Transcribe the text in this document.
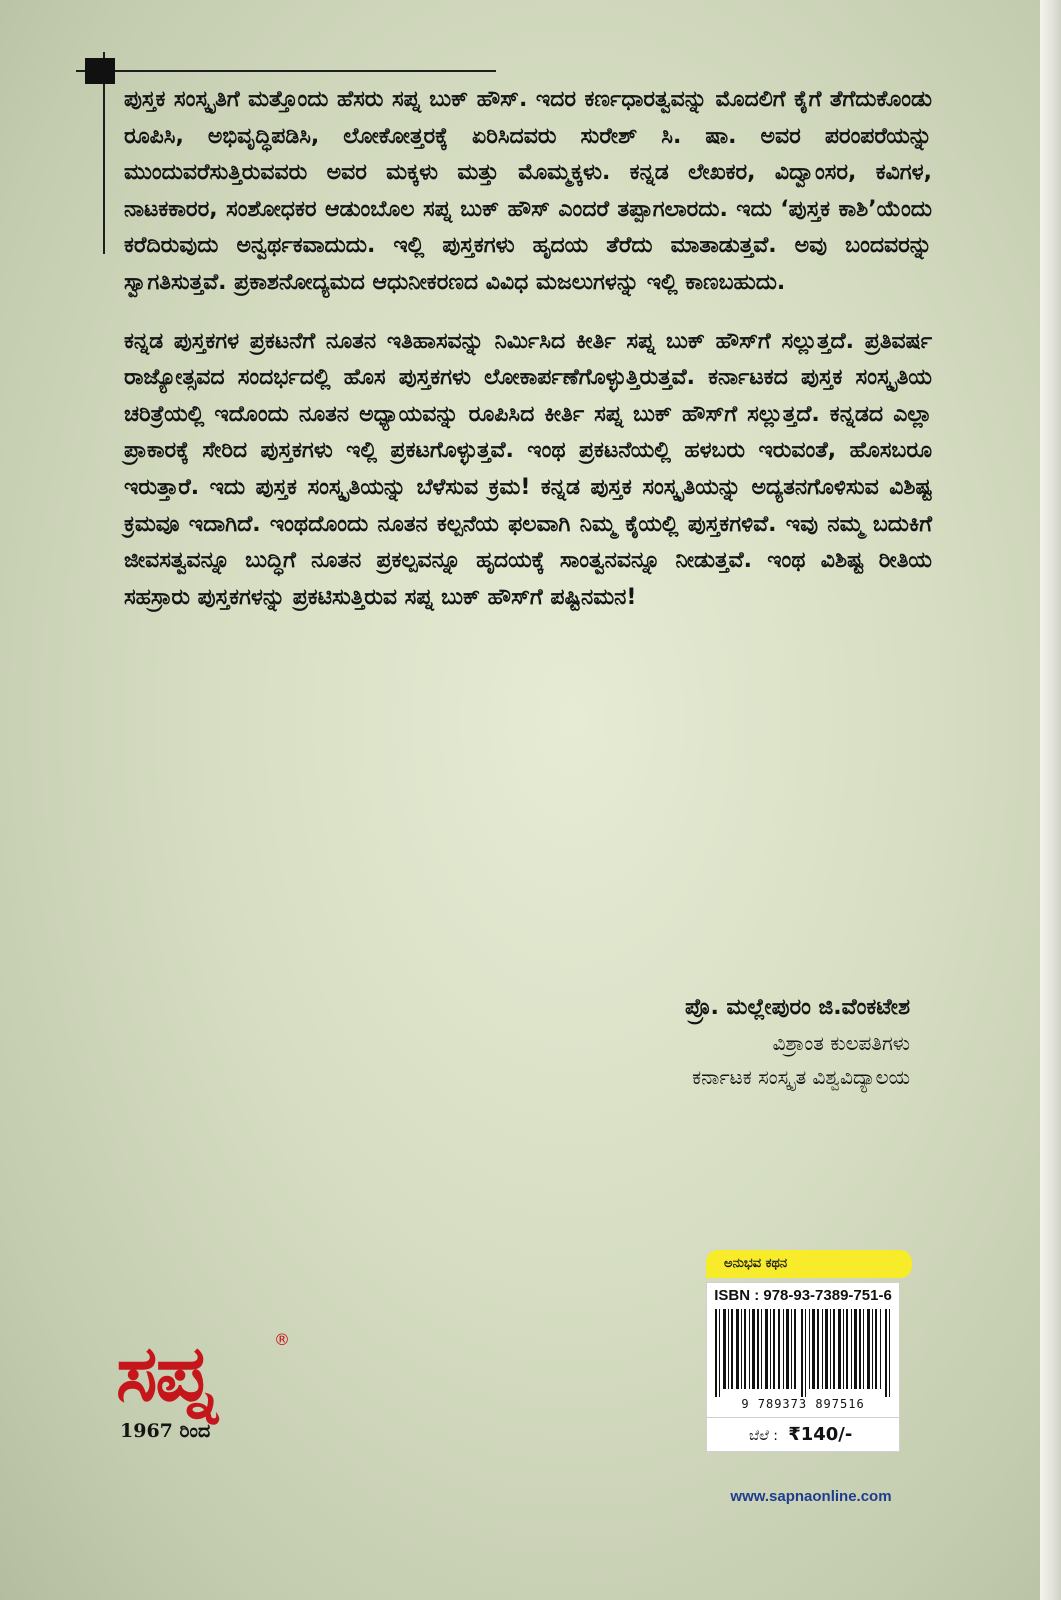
ಪುಸ್ತಕ ಸಂಸ್ಕೃತಿಗೆ ಮತ್ತೊಂದು ಹೆಸರು ಸಪ್ನ ಬುಕ್ ಹೌಸ್. ಇದರ ಕರ್ಣಧಾರತ್ವವನ್ನು ಮೊದಲಿಗೆ ಕೈಗೆ ತೆಗೆದುಕೊಂಡು ರೂಪಿಸಿ, ಅಭಿವೃದ್ಧಿಪಡಿಸಿ, ಲೋಕೋತ್ತರಕ್ಕೆ ಏರಿಸಿದವರು ಸುರೇಶ್ ಸಿ. ಷಾ. ಅವರ ಪರಂಪರೆಯನ್ನು ಮುಂದುವರೆಸುತ್ತಿರುವವರು ಅವರ ಮಕ್ಕಳು ಮತ್ತು ಮೊಮ್ಮಕ್ಕಳು. ಕನ್ನಡ ಲೇಖಕರ, ವಿದ್ವಾಂಸರ, ಕವಿಗಳ, ನಾಟಕಕಾರರ, ಸಂಶೋಧಕರ ಆಡುಂಬೊಲ ಸಪ್ನ ಬುಕ್ ಹೌಸ್ ಎಂದರೆ ತಪ್ಪಾಗಲಾರದು. ಇದು ‘ಪುಸ್ತಕ ಕಾಶಿ’ಯೆಂದು ಕರೆದಿರುವುದು ಅನ್ವರ್ಥಕವಾದುದು. ಇಲ್ಲಿ ಪುಸ್ತಕಗಳು ಹೃದಯ ತೆರೆದು ಮಾತಾಡುತ್ತವೆ. ಅವು ಬಂದವರನ್ನು ಸ್ವಾಗತಿಸುತ್ತವೆ. ಪ್ರಕಾಶನೋದ್ಯಮದ ಆಧುನೀಕರಣದ ವಿವಿಧ ಮಜಲುಗಳನ್ನು ಇಲ್ಲಿ ಕಾಣಬಹುದು.

ಕನ್ನಡ ಪುಸ್ತಕಗಳ ಪ್ರಕಟನೆಗೆ ನೂತನ ಇತಿಹಾಸವನ್ನು ನಿರ್ಮಿಸಿದ ಕೀರ್ತಿ ಸಪ್ನ ಬುಕ್ ಹೌಸ್‌ಗೆ ಸಲ್ಲುತ್ತದೆ. ಪ್ರತಿವರ್ಷ ರಾಜ್ಯೋತ್ಸವದ ಸಂದರ್ಭದಲ್ಲಿ ಹೊಸ ಪುಸ್ತಕಗಳು ಲೋಕಾರ್ಪಣೆಗೊಳ್ಳುತ್ತಿರುತ್ತವೆ. ಕರ್ನಾಟಕದ ಪುಸ್ತಕ ಸಂಸ್ಕೃತಿಯ ಚರಿತ್ರೆಯಲ್ಲಿ ಇದೊಂದು ನೂತನ ಅಧ್ಯಾಯವನ್ನು ರೂಪಿಸಿದ ಕೀರ್ತಿ ಸಪ್ನ ಬುಕ್ ಹೌಸ್‌ಗೆ ಸಲ್ಲುತ್ತದೆ. ಕನ್ನಡದ ಎಲ್ಲಾ ಪ್ರಾಕಾರಕ್ಕೆ ಸೇರಿದ ಪುಸ್ತಕಗಳು ಇಲ್ಲಿ ಪ್ರಕಟಗೊಳ್ಳುತ್ತವೆ. ಇಂಥ ಪ್ರಕಟನೆಯಲ್ಲಿ ಹಳಬರು ಇರುವಂತೆ, ಹೊಸಬರೂ ಇರುತ್ತಾರೆ. ಇದು ಪುಸ್ತಕ ಸಂಸ್ಕೃತಿಯನ್ನು ಬೆಳೆಸುವ ಕ್ರಮ! ಕನ್ನಡ ಪುಸ್ತಕ ಸಂಸ್ಕೃತಿಯನ್ನು ಅದ್ಯತನಗೊಳಿಸುವ ವಿಶಿಷ್ಟ ಕ್ರಮವೂ ಇದಾಗಿದೆ. ಇಂಥದೊಂದು ನೂತನ ಕಲ್ಪನೆಯ ಫಲವಾಗಿ ನಿಮ್ಮ ಕೈಯಲ್ಲಿ ಪುಸ್ತಕಗಳಿವೆ. ಇವು ನಮ್ಮ ಬದುಕಿಗೆ ಜೀವಸತ್ವವನ್ನೂ ಬುದ್ಧಿಗೆ ನೂತನ ಪ್ರಕಲ್ಪವನ್ನೂ ಹೃದಯಕ್ಕೆ ಸಾಂತ್ವನವನ್ನೂ ನೀಡುತ್ತವೆ. ಇಂಥ ವಿಶಿಷ್ಟ ರೀತಿಯ ಸಹಸ್ರಾರು ಪುಸ್ತಕಗಳನ್ನು ಪ್ರಕಟಿಸುತ್ತಿರುವ ಸಪ್ನ ಬುಕ್ ಹೌಸ್‌ಗೆ ಪಷ್ಟಿನಮನ!

ಪ್ರೊ. ಮಲ್ಲೇಪುರಂ ಜಿ.ವೆಂಕಟೇಶ
ವಿಶ್ರಾಂತ ಕುಲಪತಿಗಳು
ಕರ್ನಾಟಕ ಸಂಸ್ಕೃತ ವಿಶ್ವವಿದ್ಯಾಲಯ
ಸಪ್ನ	®
1967 ರಿಂದ
ಅನುಭವ ಕಥನ
ISBN : 978-93-7389-751-6
9 789373 897516
ಬೆಲೆ : ₹140/-
www.sapnaonline.com
